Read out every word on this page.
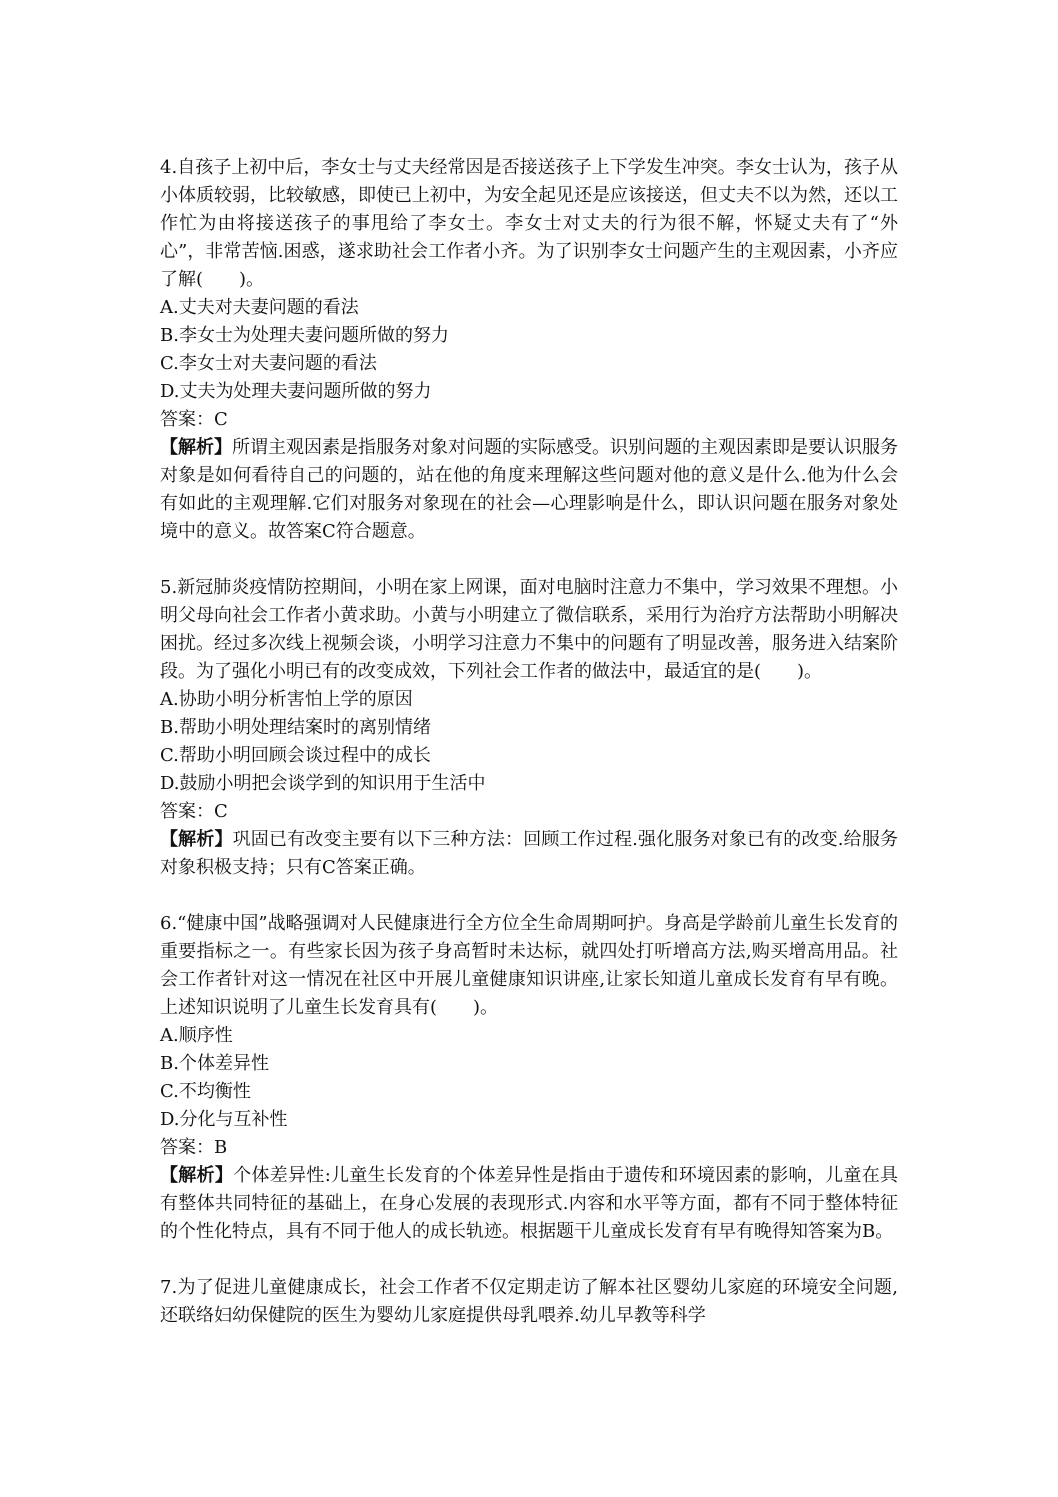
4.自孩子上初中后，李女士与丈夫经常因是否接送孩子上下学发生冲突。李女士认为，孩子从小体质较弱，比较敏感，即使已上初中，为安全起见还是应该接送，但丈夫不以为然，还以工作忙为由将接送孩子的事甩给了李女士。李女士对丈夫的行为很不解，怀疑丈夫有了“外心”，非常苦恼.困惑，遂求助社会工作者小齐。为了识别李女士问题产生的主观因素，小齐应了解(　　)。

A.丈夫对夫妻问题的看法

B.李女士为处理夫妻问题所做的努力

C.李女士对夫妻问题的看法

D.丈夫为处理夫妻问题所做的努力

答案：C

【解析】所谓主观因素是指服务对象对问题的实际感受。识别问题的主观因素即是要认识服务对象是如何看待自己的问题的，站在他的角度来理解这些问题对他的意义是什么.他为什么会有如此的主观理解.它们对服务对象现在的社会—心理影响是什么，即认识问题在服务对象处境中的意义。故答案C符合题意。

5.新冠肺炎疫情防控期间，小明在家上网课，面对电脑时注意力不集中，学习效果不理想。小明父母向社会工作者小黄求助。小黄与小明建立了微信联系，采用行为治疗方法帮助小明解决困扰。经过多次线上视频会谈，小明学习注意力不集中的问题有了明显改善，服务进入结案阶段。为了强化小明已有的改变成效，下列社会工作者的做法中，最适宜的是(　　)。

A.协助小明分析害怕上学的原因

B.帮助小明处理结案时的离别情绪

C.帮助小明回顾会谈过程中的成长

D.鼓励小明把会谈学到的知识用于生活中

答案：C

【解析】巩固已有改变主要有以下三种方法：回顾工作过程.强化服务对象已有的改变.给服务对象积极支持；只有C答案正确。

6.“健康中国”战略强调对人民健康进行全方位全生命周期呵护。身高是学龄前儿童生长发育的重要指标之一。有些家长因为孩子身高暂时未达标，就四处打听增高方法,购买增高用品。社会工作者针对这一情况在社区中开展儿童健康知识讲座,让家长知道儿童成长发育有早有晚。上述知识说明了儿童生长发育具有(　　)。

A.顺序性

B.个体差异性

C.不均衡性

D.分化与互补性

答案：B

【解析】个体差异性:儿童生长发育的个体差异性是指由于遗传和环境因素的影响，儿童在具有整体共同特征的基础上，在身心发展的表现形式.内容和水平等方面，都有不同于整体特征的个性化特点，具有不同于他人的成长轨迹。根据题干儿童成长发育有早有晚得知答案为B。

7.为了促进儿童健康成长，社会工作者不仅定期走访了解本社区婴幼儿家庭的环境安全问题,还联络妇幼保健院的医生为婴幼儿家庭提供母乳喂养.幼儿早教等科学
